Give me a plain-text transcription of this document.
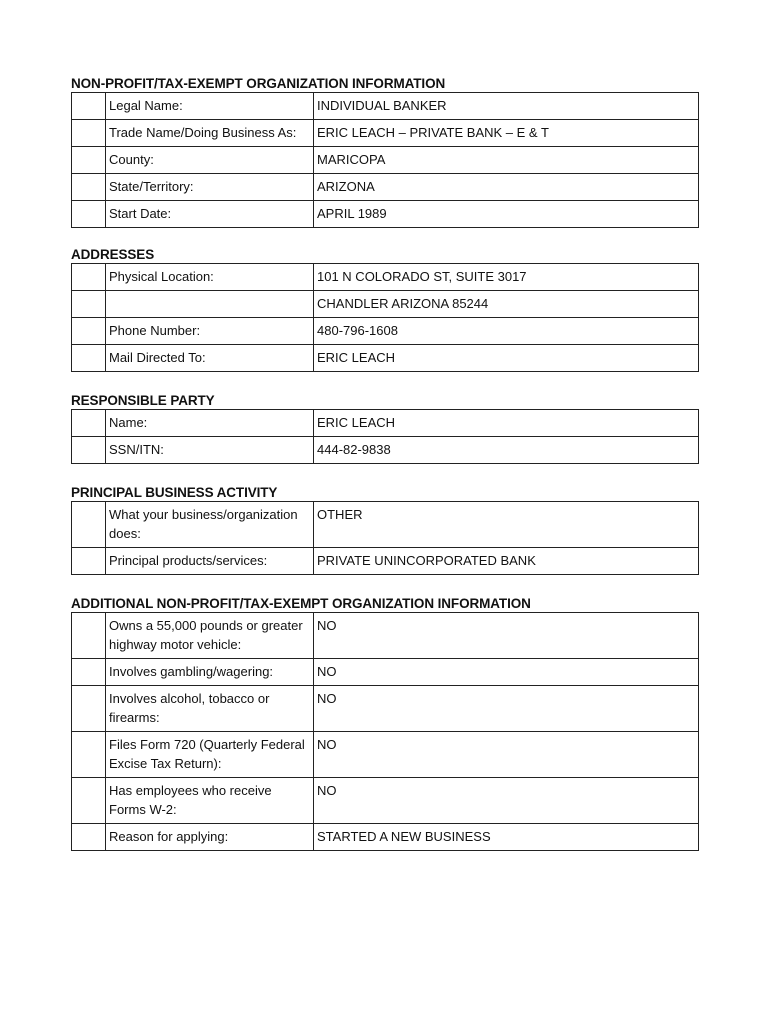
NON-PROFIT/TAX-EXEMPT ORGANIZATION INFORMATION
	Legal Name:	INDIVIDUAL BANKER
	Trade Name/Doing Business As:	ERIC LEACH – PRIVATE BANK – E & T
	County:	MARICOPA
	State/Territory:	ARIZONA
	Start Date:	APRIL 1989
ADDRESSES
	Physical Location:	101 N COLORADO ST, SUITE 3017
		CHANDLER ARIZONA 85244
	Phone Number:	480-796-1608
	Mail Directed To:	ERIC LEACH
RESPONSIBLE PARTY
	Name:	ERIC LEACH
	SSN/ITN:	444-82-9838
PRINCIPAL BUSINESS ACTIVITY
	What your business/organization does:	OTHER
	Principal products/services:	PRIVATE UNINCORPORATED BANK
ADDITIONAL NON-PROFIT/TAX-EXEMPT ORGANIZATION INFORMATION
	Owns a 55,000 pounds or greater highway motor vehicle:	NO
	Involves gambling/wagering:	NO
	Involves alcohol, tobacco or firearms:	NO
	Files Form 720 (Quarterly Federal Excise Tax Return):	NO
	Has employees who receive Forms W-2:	NO
	Reason for applying:	STARTED A NEW BUSINESS
